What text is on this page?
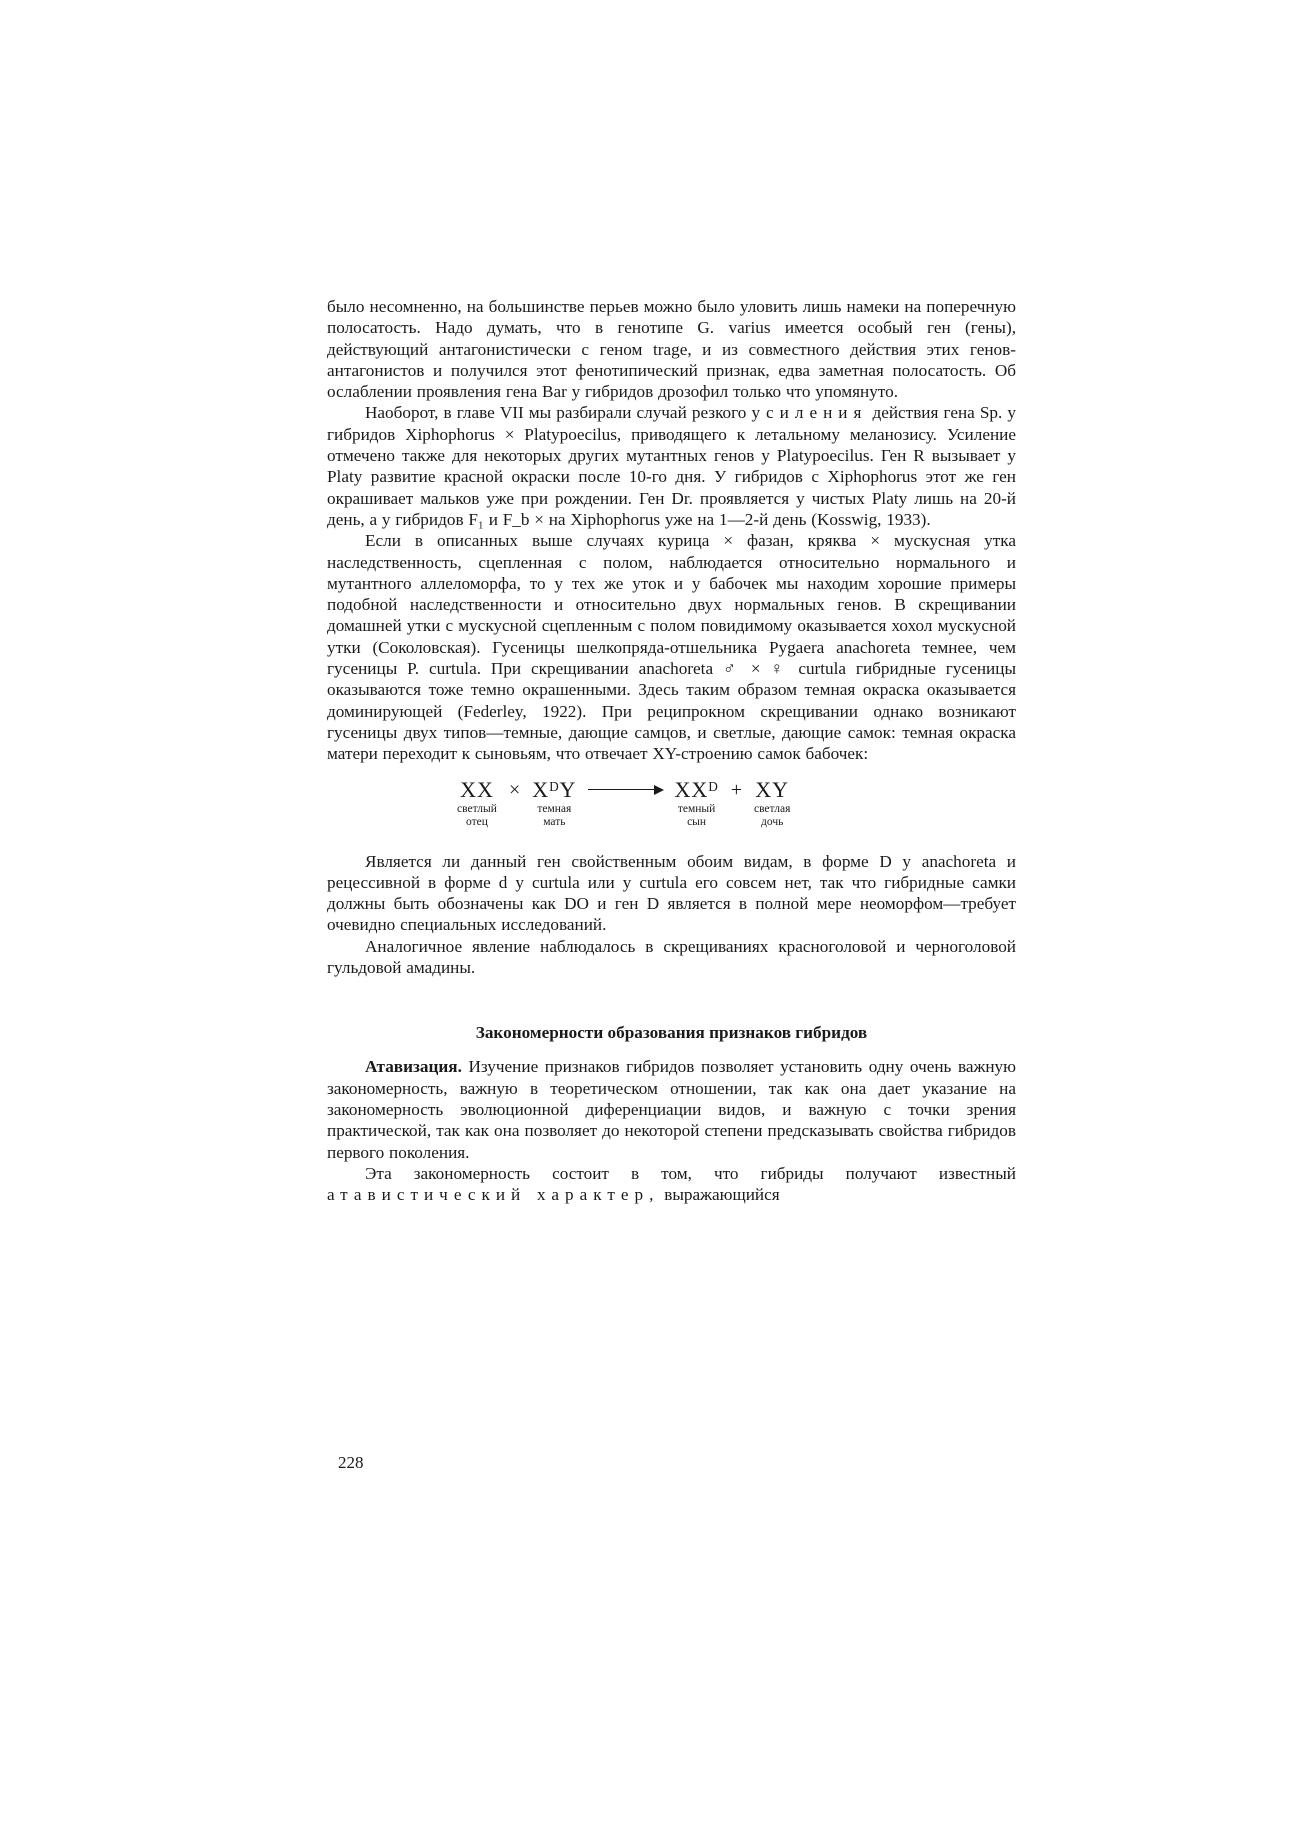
было несомненно, на большинстве перьев можно было уловить лишь намеки на поперечную полосатость. Надо думать, что в генотипе G. varius имеется особый ген (гены), действующий антагонистически с геном trage, и из совместного действия этих генов-антагонистов и получился этот фенотипический признак, едва заметная полосатость. Об ослаблении проявления гена Bar у гибридов дрозофил только что упомянуто.

Наоборот, в главе VII мы разбирали случай резкого усиления действия гена Sp. у гибридов Xiphophorus × Platypoecilus, приводящего к летальному меланозису. Усиление отмечено также для некоторых других мутантных генов у Platypoecilus. Ген R вызывает у Platy развитие красной окраски после 10-го дня. У гибридов с Xiphophorus этот же ген окрашивает мальков уже при рождении. Ген Dr. проявляется у чистых Platy лишь на 20-й день, а у гибридов F₁ и F_b × на Xiphophorus уже на 1—2-й день (Kosswig, 1933).

Если в описанных выше случаях курица × фазан, кряква × мускусная утка наследственность, сцепленная с полом, наблюдается относительно нормального и мутантного аллеломорфа, то у тех же уток и у бабочек мы находим хорошие примеры подобной наследственности и относительно двух нормальных генов. В скрещивании домашней утки с мускусной сцепленным с полом повидимому оказывается хохол мускусной утки (Соколовская). Гусеницы шелкопряда-отшельника Pygaera anachoreta темнее, чем гусеницы P. curtula. При скрещивании anachoreta ♂ × ♀ curtula гибридные гусеницы оказываются тоже темно окрашенными. Здесь таким образом темная окраска оказывается доминирующей (Federley, 1922). При реципрокном скрещивании однако возникают гусеницы двух типов—темные, дающие самцов, и светлые, дающие самок: темная окраска матери переходит к сыновьям, что отвечает XY-строению самок бабочек:

XX
светлый
отец
× XᴰY
темная
мать
XXᴰ
темный
сын
+ XY
светлая
дочь

Является ли данный ген свойственным обоим видам, в форме D у anachoreta и рецессивной в форме d у curtula или у curtula его совсем нет, так что гибридные самки должны быть обозначены как DO и ген D является в полной мере неоморфом—требует очевидно специальных исследований.

Аналогичное явление наблюдалось в скрещиваниях красноголовой и черноголовой гульдовой амадины.

Закономерности образования признаков гибридов

Атавизация. Изучение признаков гибридов позволяет установить одну очень важную закономерность, важную в теоретическом отношении, так как она дает указание на закономерность эволюционной диференциации видов, и важную с точки зрения практической, так как она позволяет до некоторой степени предсказывать свойства гибридов первого поколения.

Эта закономерность состоит в том, что гибриды получают известный атавистический характер, выражающийся

228
